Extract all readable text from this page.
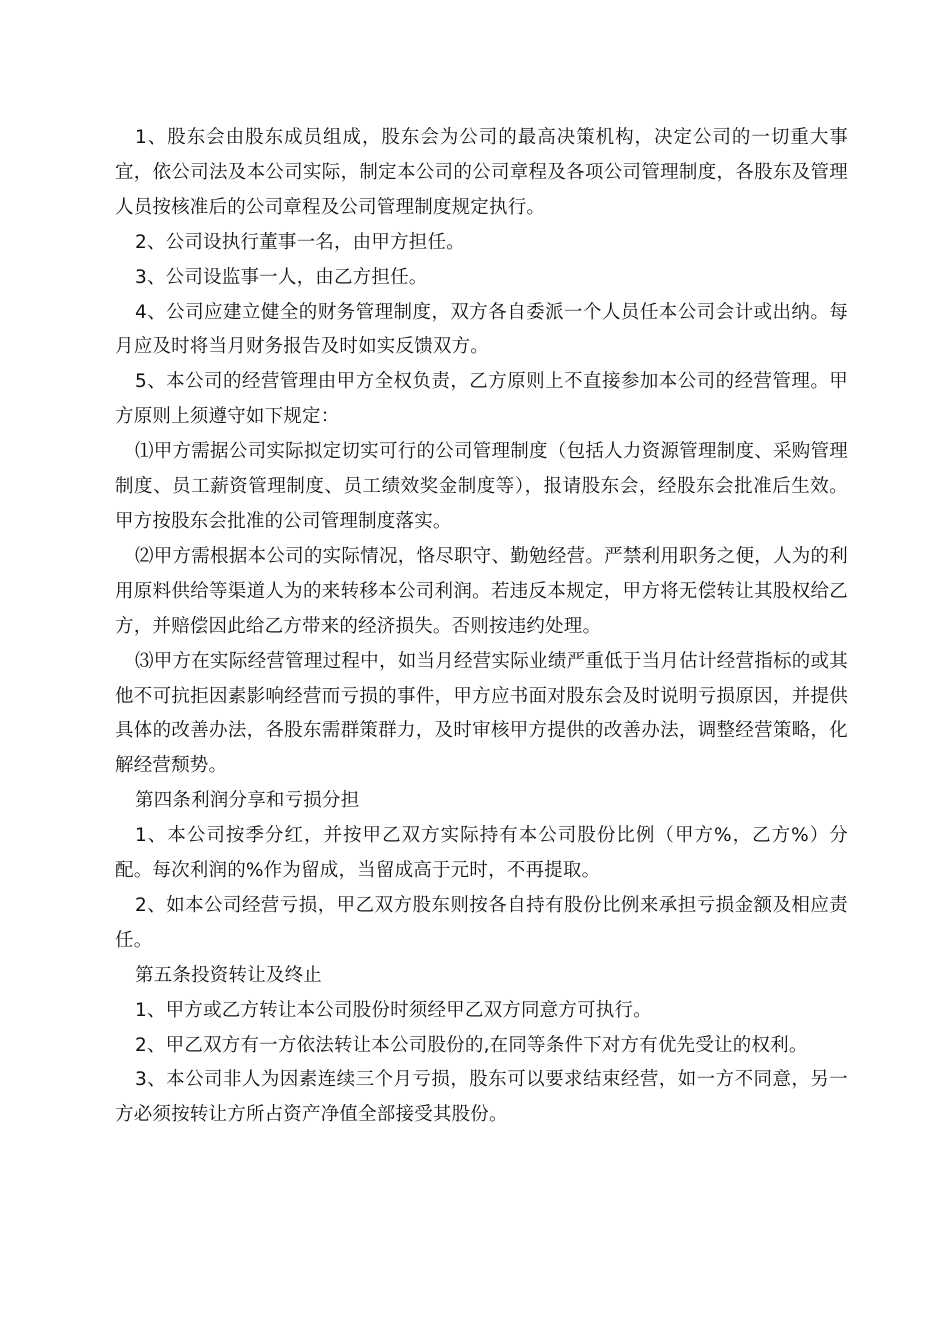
1、股东会由股东成员组成，股东会为公司的最高决策机构，决定公司的一切重大事宜，依公司法及本公司实际，制定本公司的公司章程及各项公司管理制度，各股东及管理人员按核准后的公司章程及公司管理制度规定执行。

2、公司设执行董事一名，由甲方担任。

3、公司设监事一人，由乙方担任。

4、公司应建立健全的财务管理制度，双方各自委派一个人员任本公司会计或出纳。每月应及时将当月财务报告及时如实反馈双方。

5、本公司的经营管理由甲方全权负责，乙方原则上不直接参加本公司的经营管理。甲方原则上须遵守如下规定：

⑴甲方需据公司实际拟定切实可行的公司管理制度（包括人力资源管理制度、采购管理制度、员工薪资管理制度、员工绩效奖金制度等），报请股东会，经股东会批准后生效。甲方按股东会批准的公司管理制度落实。

⑵甲方需根据本公司的实际情况，恪尽职守、勤勉经营。严禁利用职务之便，人为的利用原料供给等渠道人为的来转移本公司利润。若违反本规定，甲方将无偿转让其股权给乙方，并赔偿因此给乙方带来的经济损失。否则按违约处理。

⑶甲方在实际经营管理过程中，如当月经营实际业绩严重低于当月估计经营指标的或其他不可抗拒因素影响经营而亏损的事件，甲方应书面对股东会及时说明亏损原因，并提供具体的改善办法，各股东需群策群力，及时审核甲方提供的改善办法，调整经营策略，化解经营颓势。

第四条利润分享和亏损分担

1、本公司按季分红，并按甲乙双方实际持有本公司股份比例（甲方%，乙方%）分配。每次利润的%作为留成，当留成高于元时，不再提取。

2、如本公司经营亏损，甲乙双方股东则按各自持有股份比例来承担亏损金额及相应责任。

第五条投资转让及终止

1、甲方或乙方转让本公司股份时须经甲乙双方同意方可执行。

2、甲乙双方有一方依法转让本公司股份的,在同等条件下对方有优先受让的权利。

3、本公司非人为因素连续三个月亏损，股东可以要求结束经营，如一方不同意，另一方必须按转让方所占资产净值全部接受其股份。
